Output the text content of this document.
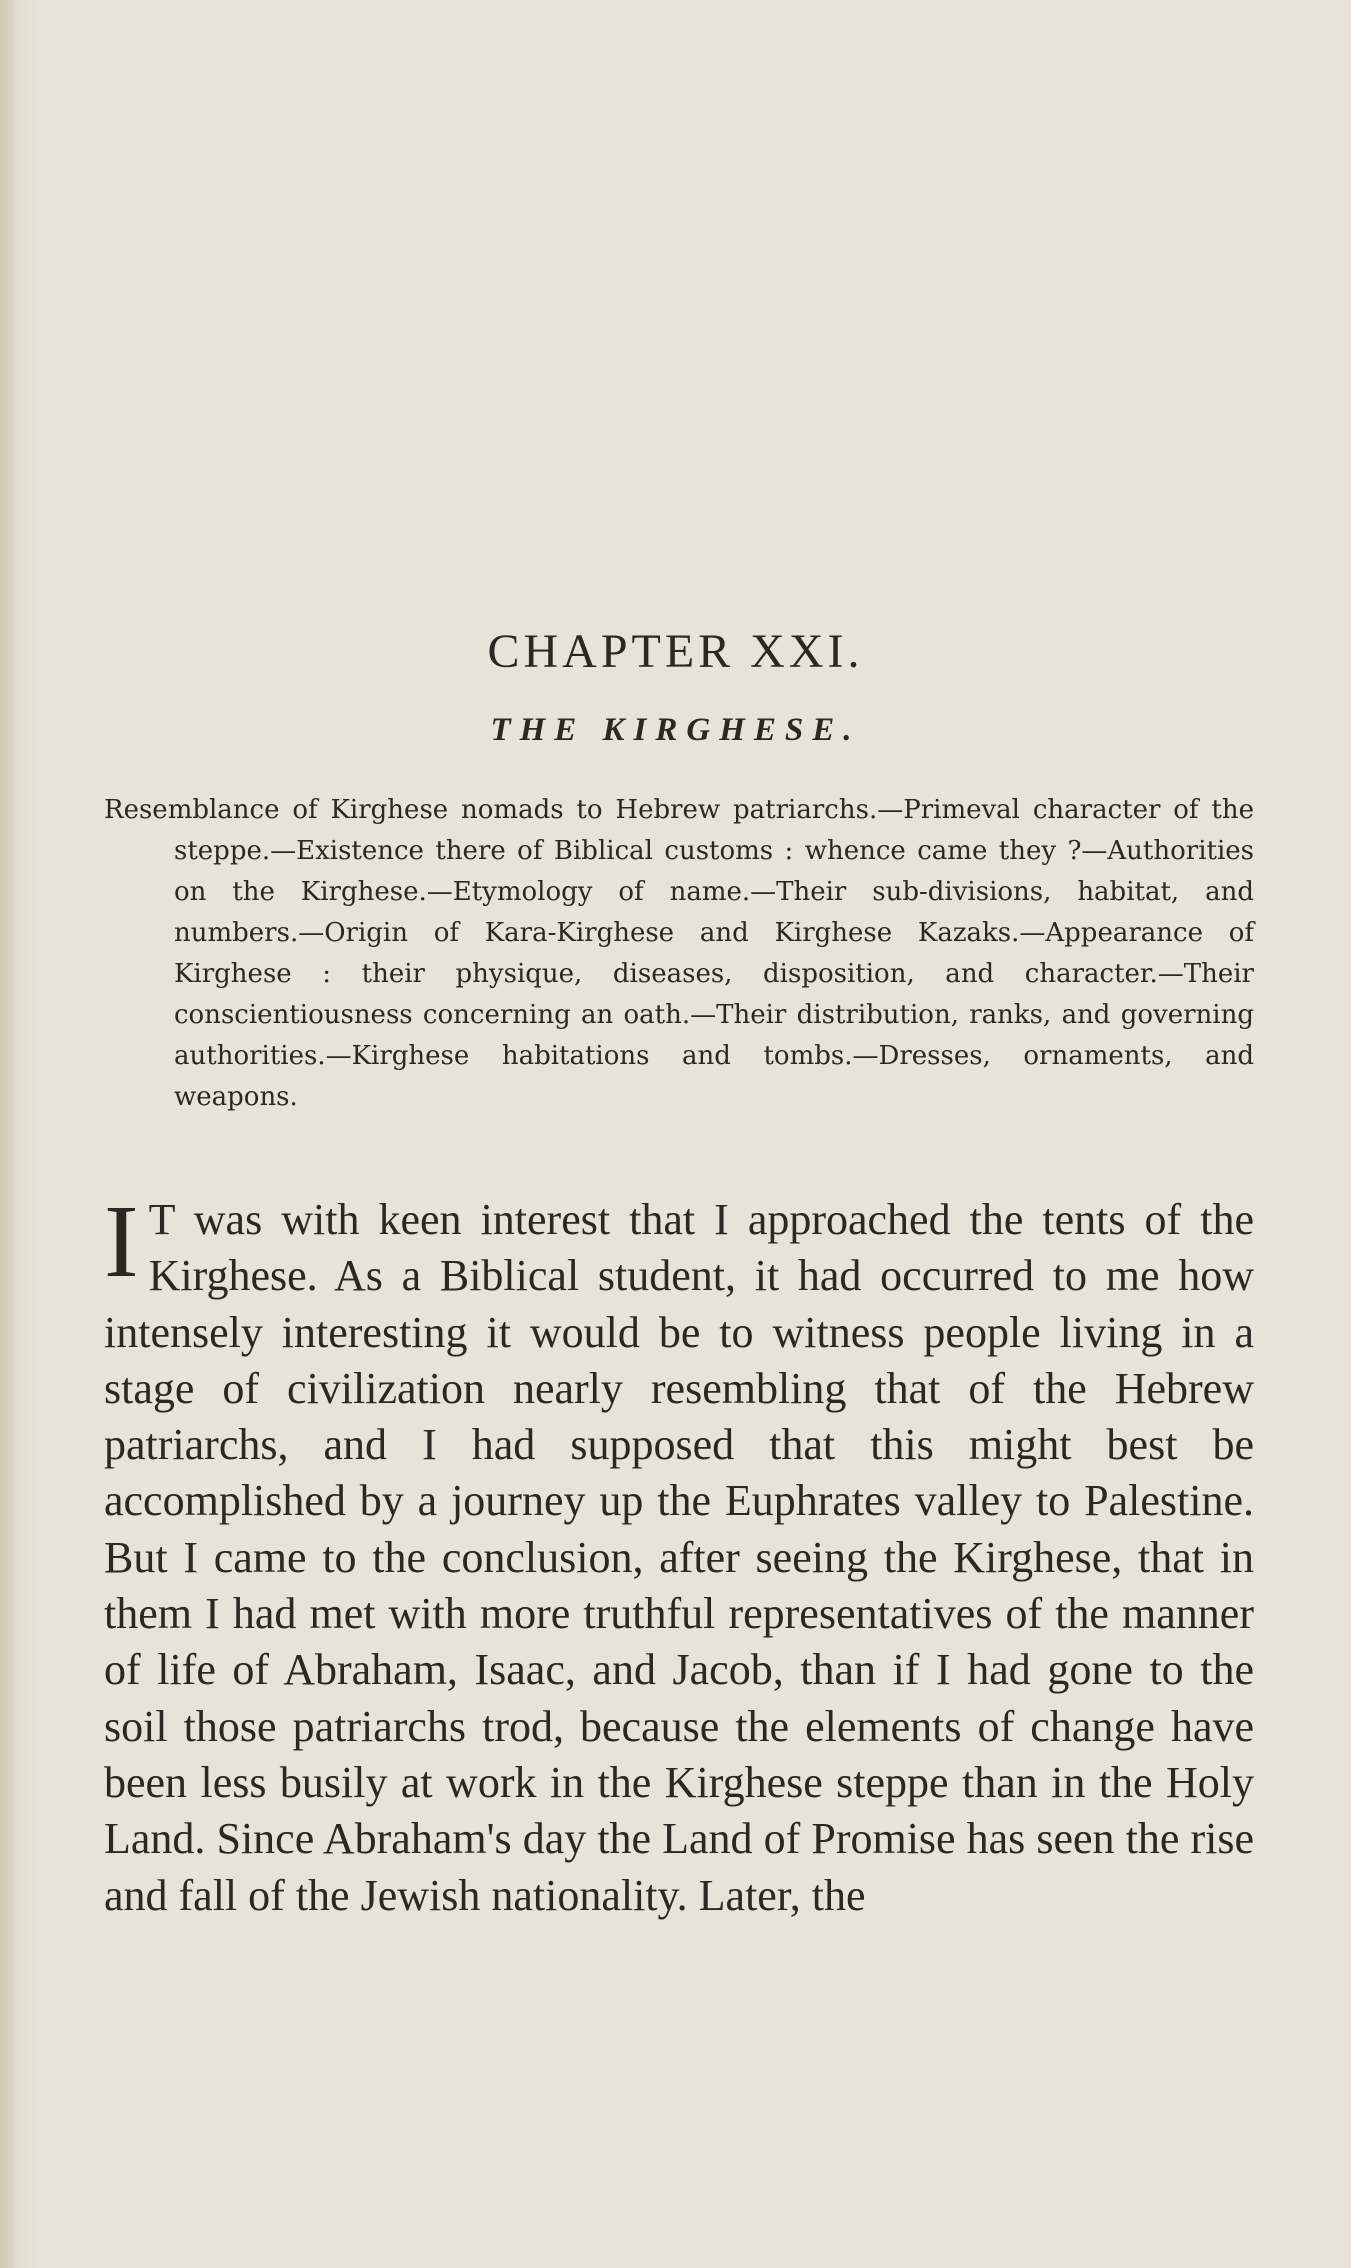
CHAPTER XXI.
THE KIRGHESE.

Resemblance of Kirghese nomads to Hebrew patriarchs.—Primeval character of the steppe.—Existence there of Biblical customs : whence came they ?—Authorities on the Kirghese.—Etymology of name.—Their sub-divisions, habitat, and numbers.—Origin of Kara-Kirghese and Kirghese Kazaks.—Appearance of Kirghese : their physique, diseases, disposition, and character.—Their conscientiousness concerning an oath.—Their distribution, ranks, and governing authorities.—Kirghese habitations and tombs.—Dresses, ornaments, and weapons.

I T was with keen interest that I approached the tents of the Kirghese. As a Biblical student, it had occurred to me how intensely interesting it would be to witness people living in a stage of civilization nearly resembling that of the Hebrew patriarchs, and I had supposed that this might best be accomplished by a journey up the Euphrates valley to Palestine. But I came to the conclusion, after seeing the Kirghese, that in them I had met with more truthful representatives of the manner of life of Abraham, Isaac, and Jacob, than if I had gone to the soil those patriarchs trod, because the elements of change have been less busily at work in the Kirghese steppe than in the Holy Land. Since Abraham's day the Land of Promise has seen the rise and fall of the Jewish nationality. Later, the
